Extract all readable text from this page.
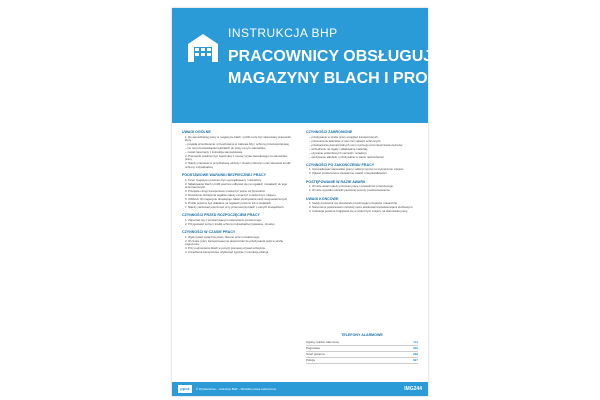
INSTRUKCJA BHP
PRACOWNICY OBSŁUGUJĄCY
MAGAZYNY BLACH I PROFILI
UWAGI OGÓLNE
1. Do samodzielnej pracy w magazynie blach i profili może być skierowany pracownik, który:
– posiada przeszkolenie i przeszkolenie w zakresie bhp i ochrony przeciwpożarowej,
– nie ma przeciwwskazań lekarskich do pracy na tym stanowisku,
– został zapoznany z instrukcją stanowiskową.
2. Pracownik powinien być zapoznany z oceną ryzyka zawodowego na stanowisku pracy.
3. Należy pracować w przydzielonej odzieży i obuwiu roboczym oraz stosować środki ochrony indywidualnej.
PODSTAWOWE WARUNKI BEZPIECZNEJ PRACY
1. Teren magazynu powinien być uporządkowany i oświetlony.
2. Składowanie blach i profili powinno odbywać się na regałach i stojakach do tego przeznaczonych.
3. Przejścia i drogi transportowe muszą być wolne od przeszkód.
4. Dozwolone obciążenia regałów należy oznaczyć w widocznym miejscu.
5. UWAGA: W magazynie obowiązuje zakaz przebywania osób nieupoważnionych.
6. Profile powinny być układane na regałach poziomo lub w stojakach.
7. Należy zachować ostrożność przy przenoszeniu blach o ostrych krawędziach.
CZYNNOŚCI PRZED ROZPOCZĘCIEM PRACY
1. Zapoznać się z przekazywanymi zaleceniami przełożonego.
2. Przygotować sprzęt i środki ochrony indywidualnej (rękawice, obuwie).
CZYNNOŚCI W CZASIE PRACY
1. Wykonywać wyłącznie prace zlecone przez przełożonego.
2. W czasie pracy transportowej nie dopuszczać do przebywania osób w strefie zagrożenia.
3. Przy podnoszeniu blach w pozycji pionowej używać uchwytów.
4. Urządzenia transportowe użytkować zgodnie z instrukcją obsługi.
CZYNNOŚCI ZABRONIONE
– przebywanie w strefie pracy urządzeń transportowych,
– przenoszenie ładunków w ręku bez rękawic ochronnych,
– przekraczanie dopuszczalnych norm ręcznego przemieszczania ciężarów,
– wchodzenie na regały i składowane materiały,
– używanie uszkodzonych narzędzi i urządzeń,
– spożywanie alkoholu i przebywanie w stanie nietrzeźwości.
CZYNNOŚCI PO ZAKOŃCZENIU PRACY
1. Uporządkować stanowisko pracy i odłożyć sprzęt na wyznaczone miejsce.
2. Zgłosić przełożonemu zauważone usterki i nieprawidłowości.
POSTĘPOWANIE W RAZIE AWARII
1. W razie awarii należy przerwać pracę i powiadomić przełożonego.
2. W razie wypadku udzielić pierwszej pomocy poszkodowanemu.
UWAGI KOŃCOWE
1. Każdy pracownik ma obowiązek przestrzegać przepisów i zasad bhp.
2. Naruszenie postanowień instrukcji może skutkować konsekwencjami służbowymi.
3. Instrukcja powinna znajdować się w widocznym miejscu na stanowisku pracy.
TELEFONY ALARMOWE
Ogólny telefon alarmowy	112
Pogotowie	999
Straż pożarna	998
Policja	997
ppoż	© Wydawnictwo – Instrukcje BHP – Wszelkie prawa zastrzeżone	IMG244
